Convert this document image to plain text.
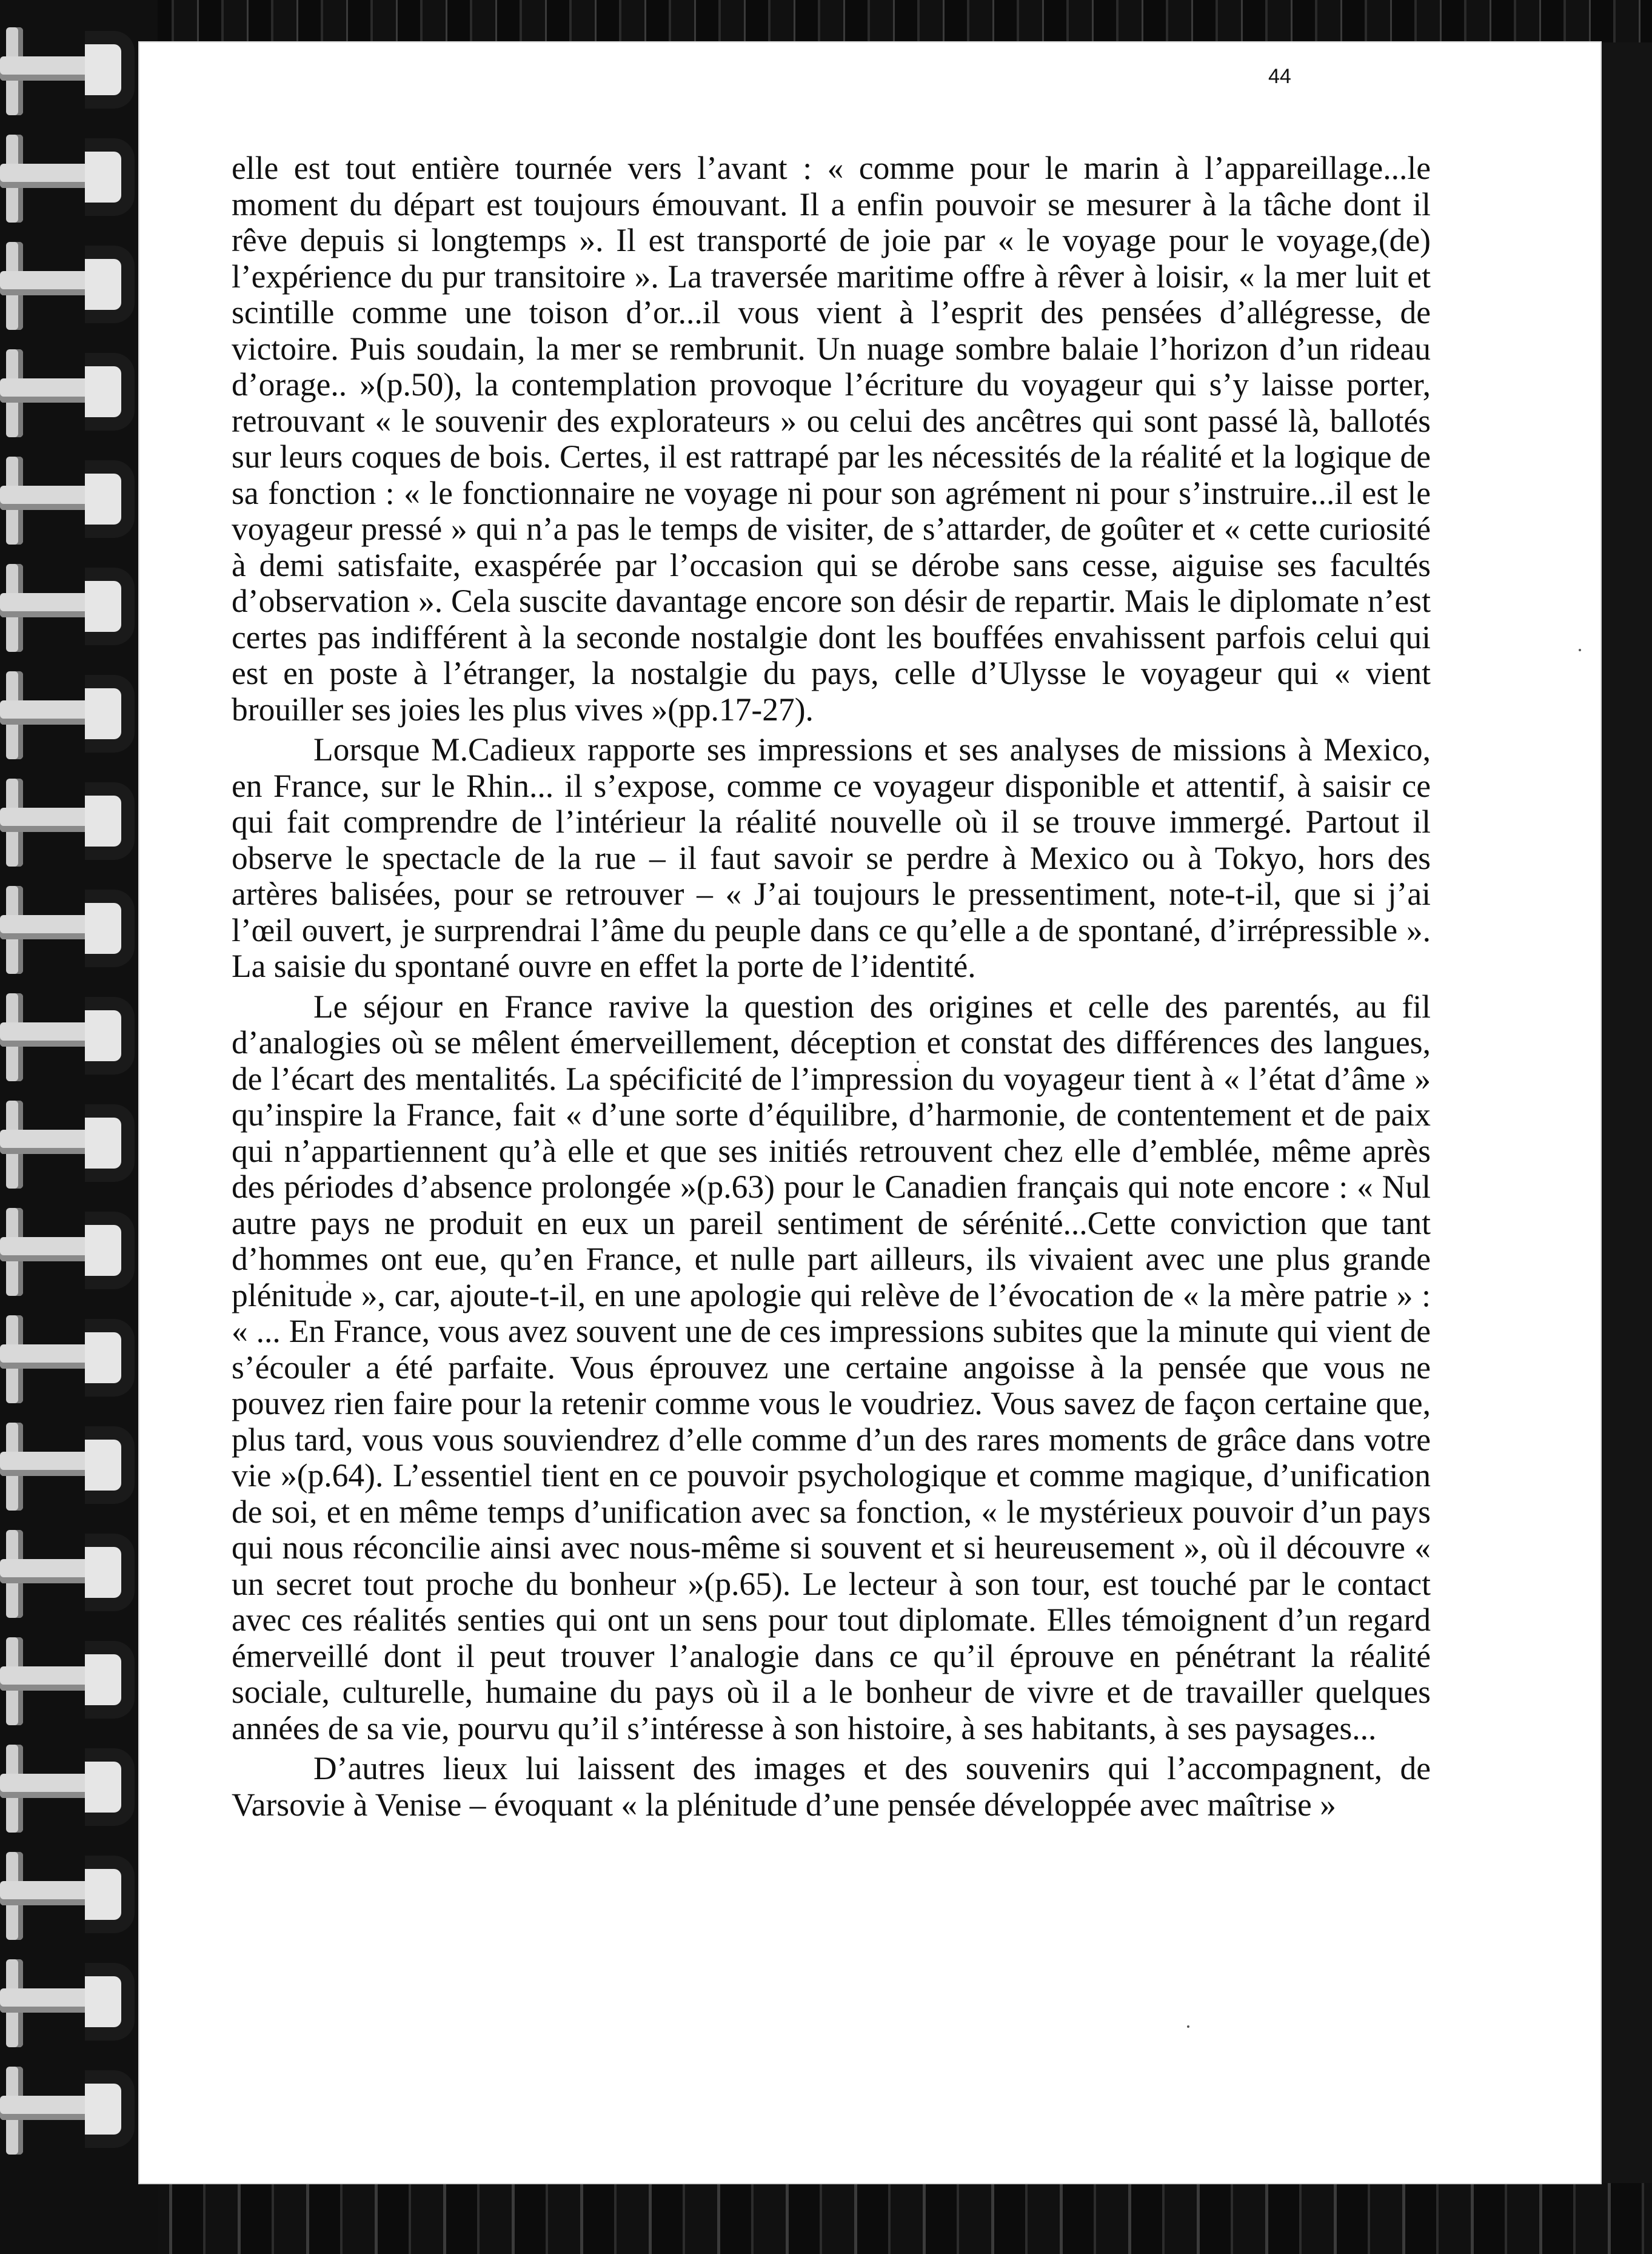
44

elle est tout entière tournée vers l’avant : « comme pour le marin à l’appareillage...le moment du départ est toujours émouvant. Il a enfin pouvoir se mesurer à la tâche dont il rêve depuis si longtemps ». Il est transporté de joie par « le voyage pour le voyage,(de) l’expérience du pur transitoire ». La traversée maritime offre à rêver à loisir, « la mer luit et scintille comme une toison d’or...il vous vient à l’esprit des pensées d’allégresse, de victoire. Puis soudain, la mer se rembrunit. Un nuage sombre balaie l’horizon d’un rideau d’orage.. »(p.50), la contemplation provoque l’écriture du voyageur qui s’y laisse porter, retrouvant « le souvenir des explorateurs » ou celui des ancêtres qui sont passé là, ballotés sur leurs coques de bois. Certes, il est rattrapé par les nécessités de la réalité et la logique de sa fonction : « le fonctionnaire ne voyage ni pour son agrément ni pour s’instruire...il est le voyageur pressé » qui n’a pas le temps de visiter, de s’attarder, de goûter et « cette curiosité à demi satisfaite, exaspérée par l’occasion qui se dérobe sans cesse, aiguise ses facultés d’observation ». Cela suscite davantage encore son désir de repartir. Mais le diplomate n’est certes pas indifférent à la seconde nostalgie dont les bouffées envahissent parfois celui qui est en poste à l’étranger, la nostalgie du pays, celle d’Ulysse le voyageur qui « vient brouiller ses joies les plus vives »(pp.17-27).

Lorsque M.Cadieux rapporte ses impressions et ses analyses de missions à Mexico, en France, sur le Rhin... il s’expose, comme ce voyageur disponible et attentif, à saisir ce qui fait comprendre de l’intérieur la réalité nouvelle où il se trouve immergé. Partout il observe le spectacle de la rue – il faut savoir se perdre à Mexico ou à Tokyo, hors des artères balisées, pour se retrouver – « J’ai toujours le pressentiment, note-t-il, que si j’ai l’œil ouvert, je surprendrai l’âme du peuple dans ce qu’elle a de spontané, d’irrépressible ». La saisie du spontané ouvre en effet la porte de l’identité.

Le séjour en France ravive la question des origines et celle des parentés, au fil d’analogies où se mêlent émerveillement, déception et constat des différences des langues, de l’écart des mentalités. La spécificité de l’impression du voyageur tient à « l’état d’âme » qu’inspire la France, fait « d’une sorte d’équilibre, d’harmonie, de contentement et de paix qui n’appartiennent qu’à elle et que ses initiés retrouvent chez elle d’emblée, même après des périodes d’absence prolongée »(p.63) pour le Canadien français qui note encore : « Nul autre pays ne produit en eux un pareil sentiment de sérénité...Cette conviction que tant d’hommes ont eue, qu’en France, et nulle part ailleurs, ils vivaient avec une plus grande plénitude », car, ajoute-t-il, en une apologie qui relève de l’évocation de « la mère patrie » : « ... En France, vous avez souvent une de ces impressions subites que la minute qui vient de s’écouler a été parfaite. Vous éprouvez une certaine angoisse à la pensée que vous ne pouvez rien faire pour la retenir comme vous le voudriez. Vous savez de façon certaine que, plus tard, vous vous souviendrez d’elle comme d’un des rares moments de grâce dans votre vie »(p.64). L’essentiel tient en ce pouvoir psychologique et comme magique, d’unification de soi, et en même temps d’unification avec sa fonction, « le mystérieux pouvoir d’un pays qui nous réconcilie ainsi avec nous-même si souvent et si heureusement », où il découvre « un secret tout proche du bonheur »(p.65). Le lecteur à son tour, est touché par le contact avec ces réalités senties qui ont un sens pour tout diplomate. Elles témoignent d’un regard émerveillé dont il peut trouver l’analogie dans ce qu’il éprouve en pénétrant la réalité sociale, culturelle, humaine du pays où il a le bonheur de vivre et de travailler quelques années de sa vie, pourvu qu’il s’intéresse à son histoire, à ses habitants, à ses paysages...

D’autres lieux lui laissent des images et des souvenirs qui l’accompagnent, de Varsovie à Venise – évoquant « la plénitude d’une pensée développée avec maîtrise »
